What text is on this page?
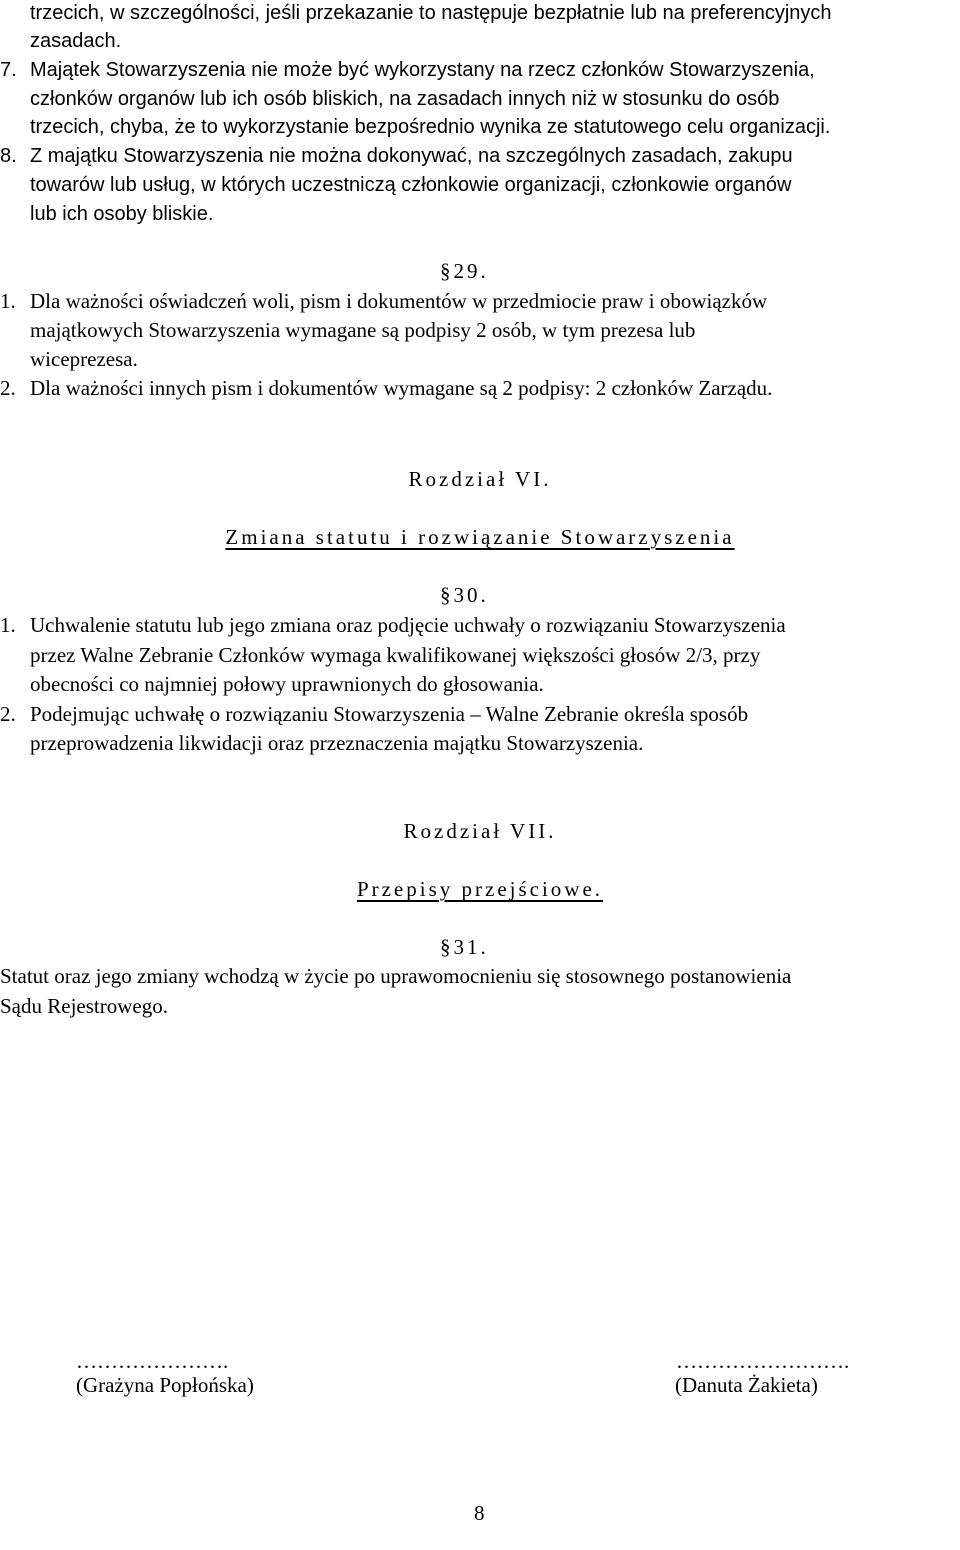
trzecich, w szczególności, jeśli przekazanie to następuje bezpłatnie lub na preferencyjnych
zasadach.
7. Majątek Stowarzyszenia nie może być wykorzystany na rzecz członków Stowarzyszenia,
członków organów lub ich osób bliskich, na zasadach innych niż w stosunku do osób
trzecich, chyba, że to wykorzystanie bezpośrednio wynika ze statutowego celu organizacji.
8. Z majątku Stowarzyszenia nie można dokonywać, na szczególnych zasadach, zakupu
towarów lub usług, w których uczestniczą członkowie organizacji, członkowie organów
lub ich osoby bliskie.
§29.
1. Dla ważności oświadczeń woli, pism i dokumentów w przedmiocie praw i obowiązków
majątkowych Stowarzyszenia wymagane są podpisy 2 osób, w tym prezesa lub
wiceprezesa.
2. Dla ważności innych pism i dokumentów wymagane są 2 podpisy: 2 członków Zarządu.
Rozdział VI.
Zmiana statutu i rozwiązanie Stowarzyszenia
§30.
1. Uchwalenie statutu lub jego zmiana oraz podjęcie uchwały o rozwiązaniu Stowarzyszenia
przez Walne Zebranie Członków wymaga kwalifikowanej większości głosów 2/3, przy
obecności co najmniej połowy uprawnionych do głosowania.
2. Podejmując uchwałę o rozwiązaniu Stowarzyszenia – Walne Zebranie określa sposób
przeprowadzenia likwidacji oraz przeznaczenia majątku Stowarzyszenia.
Rozdział VII.
Przepisy przejściowe.
§31.
Statut oraz jego zmiany wchodzą w życie po uprawomocnieniu się stosownego postanowienia
Sądu Rejestrowego.
………………….
(Grażyna Popłońska)
…………………….
(Danuta Żakieta)
8
